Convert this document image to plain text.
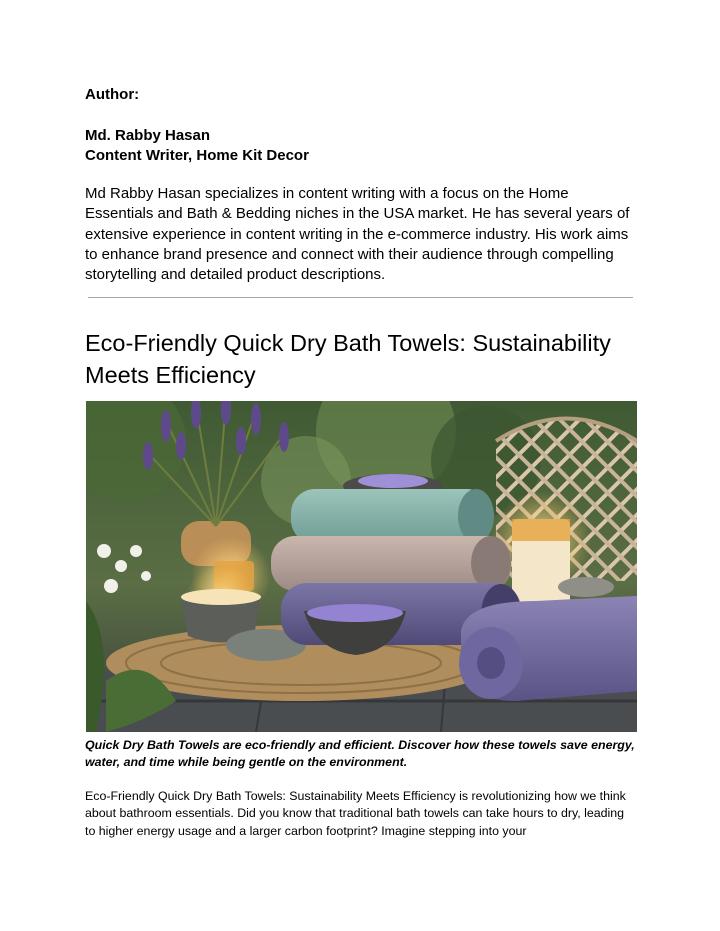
Author:
Md. Rabby Hasan
Content Writer, Home Kit Decor
Md Rabby Hasan specializes in content writing with a focus on the Home Essentials and Bath & Bedding niches in the USA market. He has several years of extensive experience in content writing in the e-commerce industry. His work aims to enhance brand presence and connect with their audience through compelling storytelling and detailed product descriptions.
Eco-Friendly Quick Dry Bath Towels: Sustainability Meets Efficiency
Quick Dry Bath Towels are eco-friendly and efficient. Discover how these towels save energy, water, and time while being gentle on the environment.
Eco-Friendly Quick Dry Bath Towels: Sustainability Meets Efficiency is revolutionizing how we think about bathroom essentials. Did you know that traditional bath towels can take hours to dry, leading to higher energy usage and a larger carbon footprint? Imagine stepping into your
